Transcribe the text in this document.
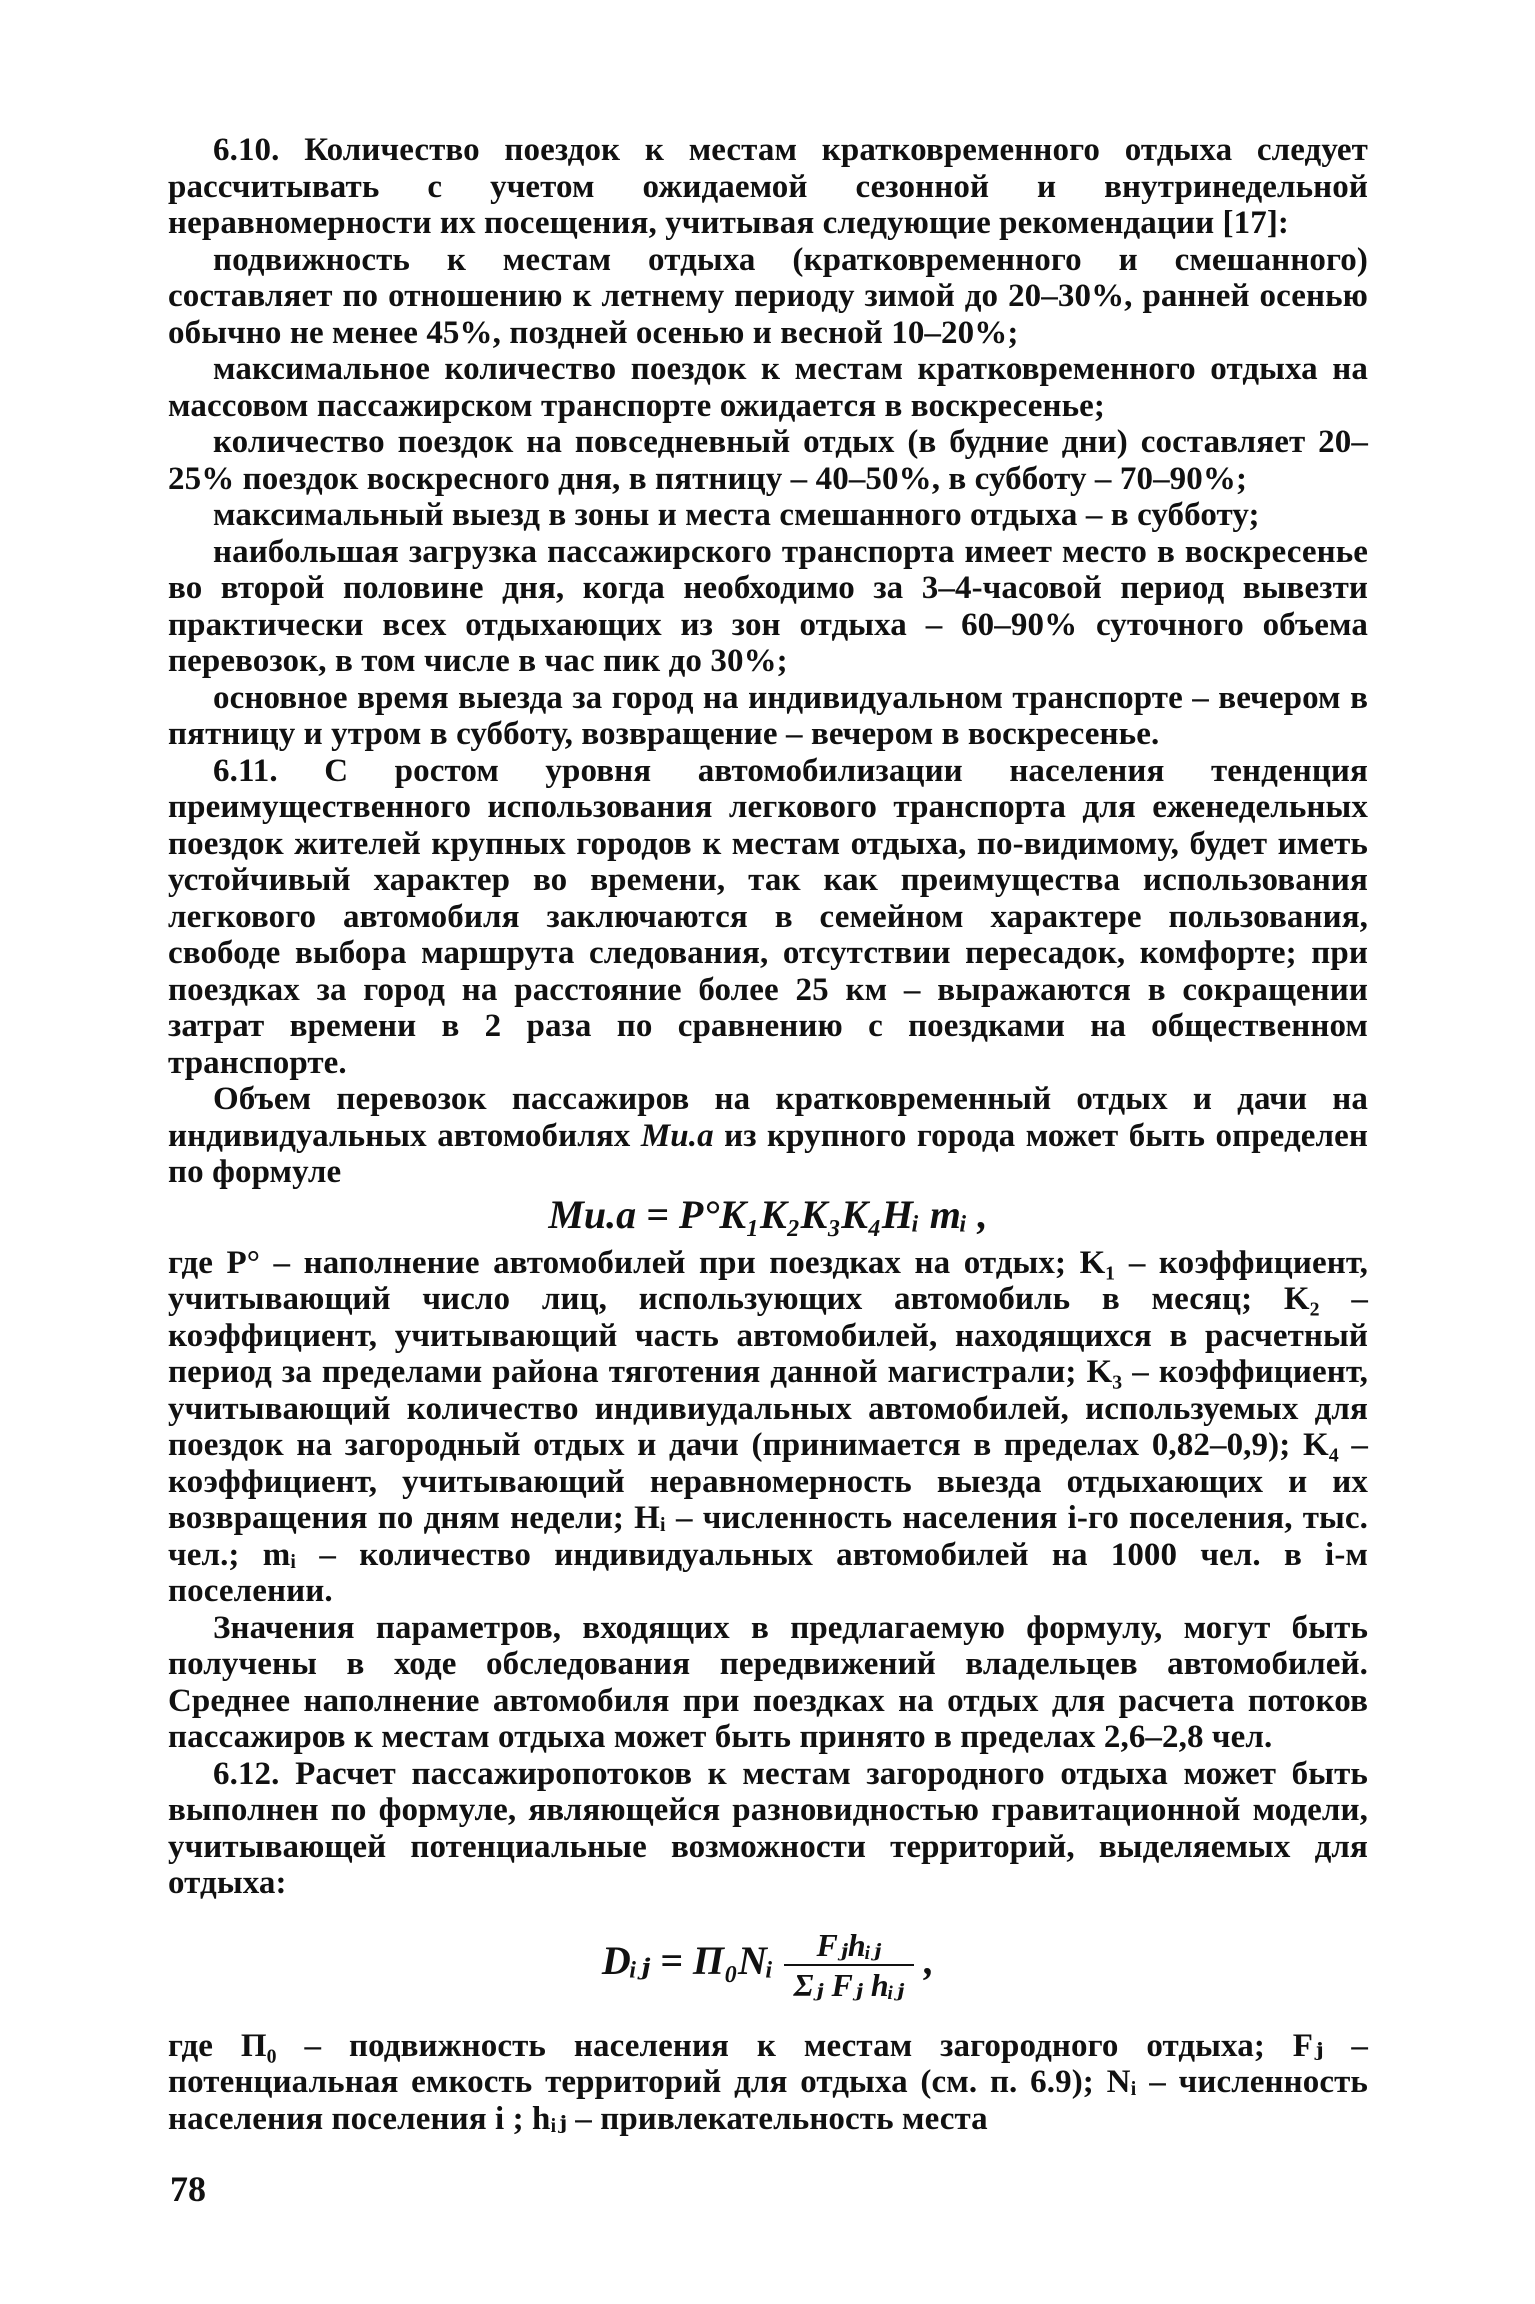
6.10. Количество поездок к местам кратковременного отдыха следует рассчитывать с учетом ожидаемой сезонной и внутринедельной неравномерности их посещения, учитывая следующие рекомендации [17]:

подвижность к местам отдыха (кратковременного и смешанного) составляет по отношению к летнему периоду зимой до 20–30%, ранней осенью обычно не менее 45%, поздней осенью и весной 10–20%;

максимальное количество поездок к местам кратковременного отдыха на массовом пассажирском транспорте ожидается в воскресенье;

количество поездок на повседневный отдых (в будние дни) составляет 20–25% поездок воскресного дня, в пятницу – 40–50%, в субботу – 70–90%;

максимальный выезд в зоны и места смешанного отдыха – в субботу;

наибольшая загрузка пассажирского транспорта имеет место в воскресенье во второй половине дня, когда необходимо за 3–4-часовой период вывезти практически всех отдыхающих из зон отдыха – 60–90% суточного объема перевозок, в том числе в час пик до 30%;

основное время выезда за город на индивидуальном транспорте – вечером в пятницу и утром в субботу, возвращение – вечером в воскресенье.

6.11. С ростом уровня автомобилизации населения тенденция преимущественного использования легкового транспорта для еженедельных поездок жителей крупных городов к местам отдыха, по-видимому, будет иметь устойчивый характер во времени, так как преимущества использования легкового автомобиля заключаются в семейном характере пользования, свободе выбора маршрута следования, отсутствии пересадок, комфорте; при поездках за город на расстояние более 25 км – выражаются в сокращении затрат времени в 2 раза по сравнению с поездками на общественном транспорте.

Объем перевозок пассажиров на кратковременный отдых и дачи на индивидуальных автомобилях Mи.а из крупного города может быть определен по формуле

Mи.а = P°K₁K₂K₃K₄Hᵢ mᵢ ,

где P° – наполнение автомобилей при поездках на отдых; K₁ – коэффициент, учитывающий число лиц, использующих автомобиль в месяц; K₂ – коэффициент, учитывающий часть автомобилей, находящихся в расчетный период за пределами района тяготения данной магистрали; K₃ – коэффициент, учитывающий количество индивиудальных автомобилей, используемых для поездок на загородный отдых и дачи (принимается в пределах 0,82–0,9); K₄ – коэффициент, учитывающий неравномерность выезда отдыхающих и их возвращения по дням недели; Hᵢ – численность населения i-го поселения, тыс. чел.; mᵢ – количество индивидуальных автомобилей на 1000 чел. в i-м поселении.

Значения параметров, входящих в предлагаемую формулу, могут быть получены в ходе обследования передвижений владельцев автомобилей. Среднее наполнение автомобиля при поездках на отдых для расчета потоков пассажиров к местам отдыха может быть принято в пределах 2,6–2,8 чел.

6.12. Расчет пассажиропотоков к местам загородного отдыха может быть выполнен по формуле, являющейся разновидностью гравитационной модели, учитывающей потенциальные возможности территорий, выделяемых для отдыха:

Dᵢⱼ = П₀Nᵢ $\frac{\text{Fⱼhᵢⱼ}}{\text{Σⱼ Fⱼ hᵢⱼ}}$ ,

где П₀ – подвижность населения к местам загородного отдыха; Fⱼ – потенциальная емкость территорий для отдыха (см. п. 6.9); Nᵢ – численность населения поселения i ; hᵢⱼ – привлекательность места

78
